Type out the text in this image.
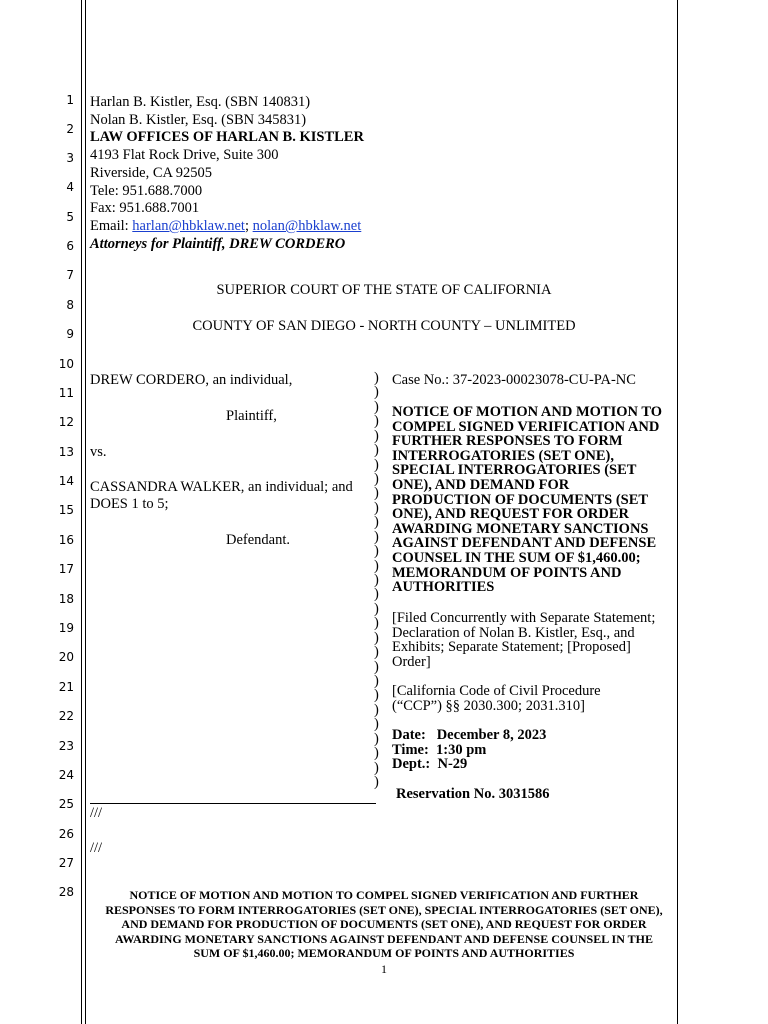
1
2
3
4
5
6
7
8
9
10
11
12
13
14
15
16
17
18
19
20
21
22
23
24
25
26
27
28
Harlan B. Kistler, Esq. (SBN 140831)
Nolan B. Kistler, Esq. (SBN 345831)
LAW OFFICES OF HARLAN B. KISTLER
4193 Flat Rock Drive, Suite 300
Riverside, CA 92505
Tele: 951.688.7000
Fax: 951.688.7001
Email: harlan@hbklaw.net; nolan@hbklaw.net
Attorneys for Plaintiff, DREW CORDERO
SUPERIOR COURT OF THE STATE OF CALIFORNIA
COUNTY OF SAN DIEGO - NORTH COUNTY – UNLIMITED
DREW CORDERO, an individual,
Plaintiff,
vs.
CASSANDRA WALKER, an individual; and
DOES 1 to 5;
Defendant.
)
)
)
)
)
)
)
)
)
)
)
)
)
)
)
)
)
)
)
)
)
)
)
)
)
)
)
)
)
Case No.: 37-2023-00023078-CU-PA-NC
NOTICE OF MOTION AND MOTION TO
COMPEL SIGNED VERIFICATION AND
FURTHER RESPONSES TO FORM
INTERROGATORIES (SET ONE),
SPECIAL INTERROGATORIES (SET
ONE), AND DEMAND FOR
PRODUCTION OF DOCUMENTS (SET
ONE), AND REQUEST FOR ORDER
AWARDING MONETARY SANCTIONS
AGAINST DEFENDANT AND DEFENSE
COUNSEL IN THE SUM OF $1,460.00;
MEMORANDUM OF POINTS AND
AUTHORITIES
[Filed Concurrently with Separate Statement;
Declaration of Nolan B. Kistler, Esq., and
Exhibits; Separate Statement; [Proposed]
Order]
[California Code of Civil Procedure
(“CCP”) §§ 2030.300; 2031.310]
Date:   December 8, 2023
Time:  1:30 pm
Dept.:  N-29
Reservation No. 3031586
///
///
NOTICE OF MOTION AND MOTION TO COMPEL SIGNED VERIFICATION AND FURTHER
RESPONSES TO FORM INTERROGATORIES (SET ONE), SPECIAL INTERROGATORIES (SET ONE),
AND DEMAND FOR PRODUCTION OF DOCUMENTS (SET ONE), AND REQUEST FOR ORDER
AWARDING MONETARY SANCTIONS AGAINST DEFENDANT AND DEFENSE COUNSEL IN THE
SUM OF $1,460.00; MEMORANDUM OF POINTS AND AUTHORITIES
1
